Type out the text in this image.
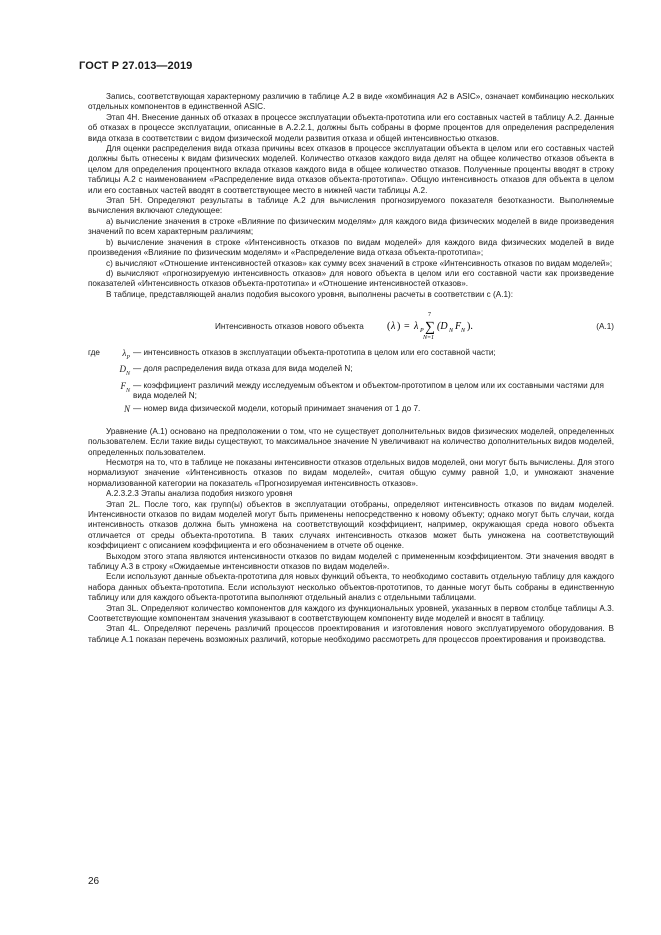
ГОСТ Р 27.013—2019

Запись, соответствующая характерному различию в таблице А.2 в виде «комбинация А2 в ASIC», означает комбинацию нескольких отдельных компонентов в единственной ASIC.

Этап 4H. Внесение данных об отказах в процессе эксплуатации объекта-прототипа или его составных частей в таблицу А.2. Данные об отказах в процессе эксплуатации, описанные в А.2.2.1, должны быть собраны в форме процентов для определения распределения вида отказа в соответствии с видом физической модели развития отказа и общей интенсивностью отказов.

Для оценки распределения вида отказа причины всех отказов в процессе эксплуатации объекта в целом или его составных частей должны быть отнесены к видам физических моделей. Количество отказов каждого вида делят на общее количество отказов объекта в целом для определения процентного вклада отказов каждого вида в общее количество отказов. Полученные проценты вводят в строку таблицы А.2 с наименованием «Распределение вида отказов объекта-прототипа». Общую интенсивность отказов для объекта в целом или его составных частей вводят в соответствующее место в нижней части таблицы А.2.

Этап 5H. Определяют результаты в таблице А.2 для вычисления прогнозируемого показателя безотказности. Выполняемые вычисления включают следующее:

а) вычисление значения в строке «Влияние по физическим моделям» для каждого вида физических моделей в виде произведения значений по всем характерным различиям;

b) вычисление значения в строке «Интенсивность отказов по видам моделей» для каждого вида физических моделей в виде произведения «Влияние по физическим моделям» и «Распределение вида отказа объекта-прототипа»;

c) вычисляют «Отношение интенсивностей отказов» как сумму всех значений в строке «Интенсивность отказов по видам моделей»;

d) вычисляют «прогнозируемую интенсивность отказов» для нового объекта в целом или его составной части как произведение показателей «Интенсивность отказов объекта-прототипа» и «Отношение интенсивностей отказов».

В таблице, представляющей анализ подобия высокого уровня, выполнены расчеты в соответствии с (А.1):

Интенсивность отказов нового объекта ( λ ) = λ P
7
∑
N=1
(D N F N ).	(А.1)
где	$\lambda_P$
— интенсивность отказов в эксплуатации объекта-прототипа в целом или его составной части;
$D_N$
— доля распределения вида отказа для вида моделей N;
$F_N$
— коэффициент различий между исследуемым объектом и объектом-прототипом в целом или их составными частями для вида моделей N;
N — номер вида физической модели, который принимает значения от 1 до 7.

Уравнение (А.1) основано на предположении о том, что не существует дополнительных видов физических моделей, определенных пользователем. Если такие виды существуют, то максимальное значение N увеличивают на количество дополнительных видов моделей, определенных пользователем.

Несмотря на то, что в таблице не показаны интенсивности отказов отдельных видов моделей, они могут быть вычислены. Для этого нормализуют значение «Интенсивность отказов по видам моделей», считая общую сумму равной 1,0, и умножают значение нормализованной категории на показатель «Прогнозируемая интенсивность отказов».

А.2.3.2.3 Этапы анализа подобия низкого уровня

Этап 2L. После того, как групп(ы) объектов в эксплуатации отобраны, определяют интенсивность отказов по видам моделей. Интенсивности отказов по видам моделей могут быть применены непосредственно к новому объекту; однако могут быть случаи, когда интенсивность отказов должна быть умножена на соответствующий коэффициент, например, окружающая среда нового объекта отличается от среды объекта-прототипа. В таких случаях интенсивность отказов может быть умножена на соответствующий коэффициент с описанием коэффициента и его обозначением в отчете об оценке.

Выходом этого этапа являются интенсивности отказов по видам моделей с примененным коэффициентом. Эти значения вводят в таблицу А.3 в строку «Ожидаемые интенсивности отказов по видам моделей».

Если используют данные объекта-прототипа для новых функций объекта, то необходимо составить отдельную таблицу для каждого набора данных объекта-прототипа. Если используют несколько объектов-прототипов, то данные могут быть собраны в единственную таблицу или для каждого объекта-прототипа выполняют отдельный анализ с отдельными таблицами.

Этап 3L. Определяют количество компонентов для каждого из функциональных уровней, указанных в первом столбце таблицы А.3. Соответствующие компонентам значения указывают в соответствующем компоненту виде моделей и вносят в таблицу.

Этап 4L. Определяют перечень различий процессов проектирования и изготовления нового эксплуатируемого оборудования. В таблице А.1 показан перечень возможных различий, которые необходимо рассмотреть для процессов проектирования и производства.

26
